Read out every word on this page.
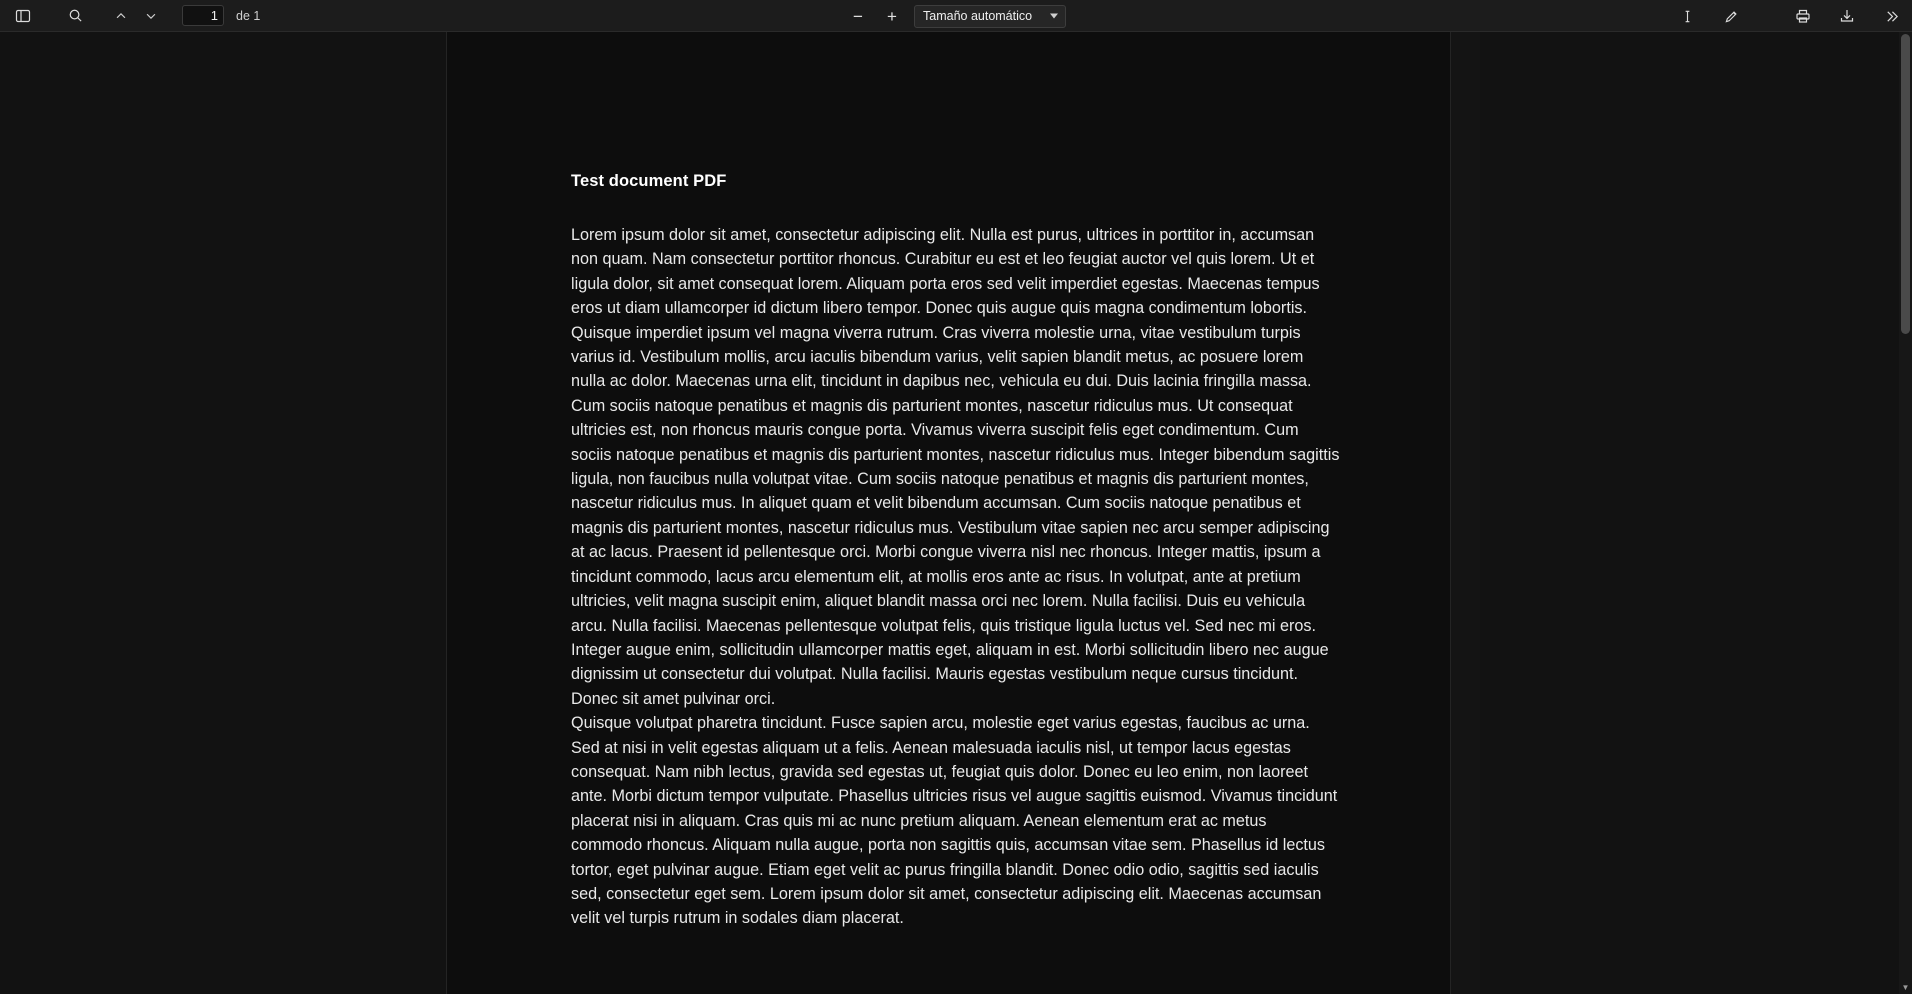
1
de 1	−	+	Tamaño automático
Test document PDF

Lorem ipsum dolor sit amet, consectetur adipiscing elit. Nulla est purus, ultrices in porttitor in, accumsan non quam. Nam consectetur porttitor rhoncus. Curabitur eu est et leo feugiat auctor vel quis lorem. Ut et ligula dolor, sit amet consequat lorem. Aliquam porta eros sed velit imperdiet egestas. Maecenas tempus eros ut diam ullamcorper id dictum libero tempor. Donec quis augue quis magna condimentum lobortis. Quisque imperdiet ipsum vel magna viverra rutrum. Cras viverra molestie urna, vitae vestibulum turpis varius id. Vestibulum mollis, arcu iaculis bibendum varius, velit sapien blandit metus, ac posuere lorem nulla ac dolor. Maecenas urna elit, tincidunt in dapibus nec, vehicula eu dui. Duis lacinia fringilla massa. Cum sociis natoque penatibus et magnis dis parturient montes, nascetur ridiculus mus. Ut consequat ultricies est, non rhoncus mauris congue porta. Vivamus viverra suscipit felis eget condimentum. Cum sociis natoque penatibus et magnis dis parturient montes, nascetur ridiculus mus. Integer bibendum sagittis ligula, non faucibus nulla volutpat vitae. Cum sociis natoque penatibus et magnis dis parturient montes, nascetur ridiculus mus. In aliquet quam et velit bibendum accumsan. Cum sociis natoque penatibus et magnis dis parturient montes, nascetur ridiculus mus. Vestibulum vitae sapien nec arcu semper adipiscing at ac lacus. Praesent id pellentesque orci. Morbi congue viverra nisl nec rhoncus. Integer mattis, ipsum a tincidunt commodo, lacus arcu elementum elit, at mollis eros ante ac risus. In volutpat, ante at pretium ultricies, velit magna suscipit enim, aliquet blandit massa orci nec lorem. Nulla facilisi. Duis eu vehicula arcu. Nulla facilisi. Maecenas pellentesque volutpat felis, quis tristique ligula luctus vel. Sed nec mi eros. Integer augue enim, sollicitudin ullamcorper mattis eget, aliquam in est. Morbi sollicitudin libero nec augue dignissim ut consectetur dui volutpat. Nulla facilisi. Mauris egestas vestibulum neque cursus tincidunt. Donec sit amet pulvinar orci.

Quisque volutpat pharetra tincidunt. Fusce sapien arcu, molestie eget varius egestas, faucibus ac urna. Sed at nisi in velit egestas aliquam ut a felis. Aenean malesuada iaculis nisl, ut tempor lacus egestas consequat. Nam nibh lectus, gravida sed egestas ut, feugiat quis dolor. Donec eu leo enim, non laoreet ante. Morbi dictum tempor vulputate. Phasellus ultricies risus vel augue sagittis euismod. Vivamus tincidunt placerat nisi in aliquam. Cras quis mi ac nunc pretium aliquam. Aenean elementum erat ac metus commodo rhoncus. Aliquam nulla augue, porta non sagittis quis, accumsan vitae sem. Phasellus id lectus tortor, eget pulvinar augue. Etiam eget velit ac purus fringilla blandit. Donec odio odio, sagittis sed iaculis sed, consectetur eget sem. Lorem ipsum dolor sit amet, consectetur adipiscing elit. Maecenas accumsan velit vel turpis rutrum in sodales diam placerat.

▼
